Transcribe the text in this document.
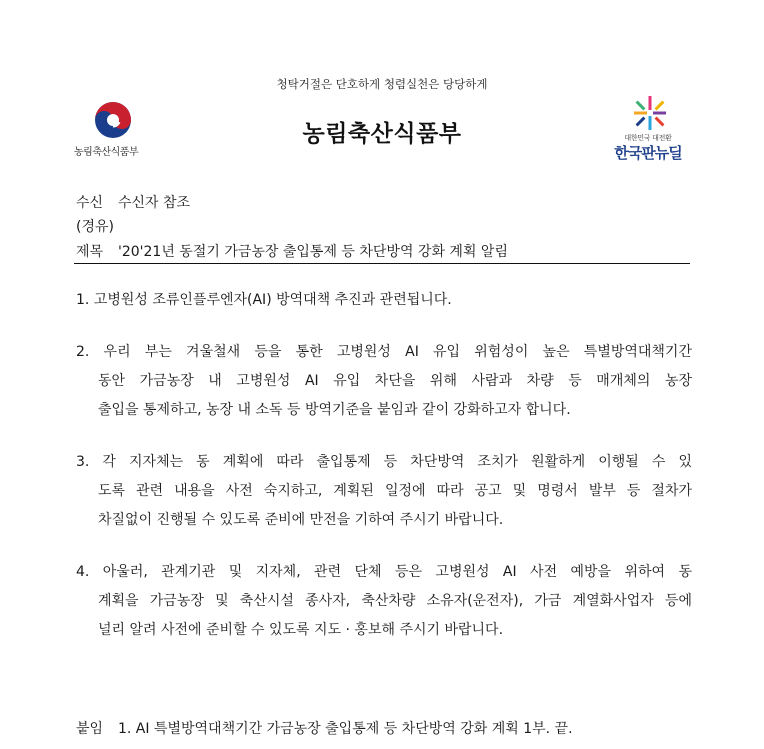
청탁거절은 단호하게 청렴실천은 당당하게
농림축산식품부
농림축산식품부	대한민국 대전환
한국판뉴딜
수신 수신자 참조
(경유)
제목 '20'21년 동절기 가금농장 출입통제 등 차단방역 강화 계획 알림
1. 고병원성 조류인플루엔자(AI) 방역대책 추진과 관련됩니다.
2. 우리 부는 겨울철새 등을 통한 고병원성 AI 유입 위험성이 높은 특별방역대책기간
동안 가금농장 내 고병원성 AI 유입 차단을 위해 사람과 차량 등 매개체의 농장
출입을 통제하고, 농장 내 소독 등 방역기준을 붙임과 같이 강화하고자 합니다.
3. 각 지자체는 동 계획에 따라 출입통제 등 차단방역 조치가 원활하게 이행될 수 있
도록 관련 내용을 사전 숙지하고, 계획된 일정에 따라 공고 및 명령서 발부 등 절차가
차질없이 진행될 수 있도록 준비에 만전을 기하여 주시기 바랍니다.
4. 아울러, 관계기관 및 지자체, 관련 단체 등은 고병원성 AI 사전 예방을 위하여 동
계획을 가금농장 및 축산시설 종사자, 축산차량 소유자(운전자), 가금 계열화사업자 등에
널리 알려 사전에 준비할 수 있도록 지도 · 홍보해 주시기 바랍니다.
붙임 1. AI 특별방역대책기간 가금농장 출입통제 등 차단방역 강화 계획 1부. 끝.
